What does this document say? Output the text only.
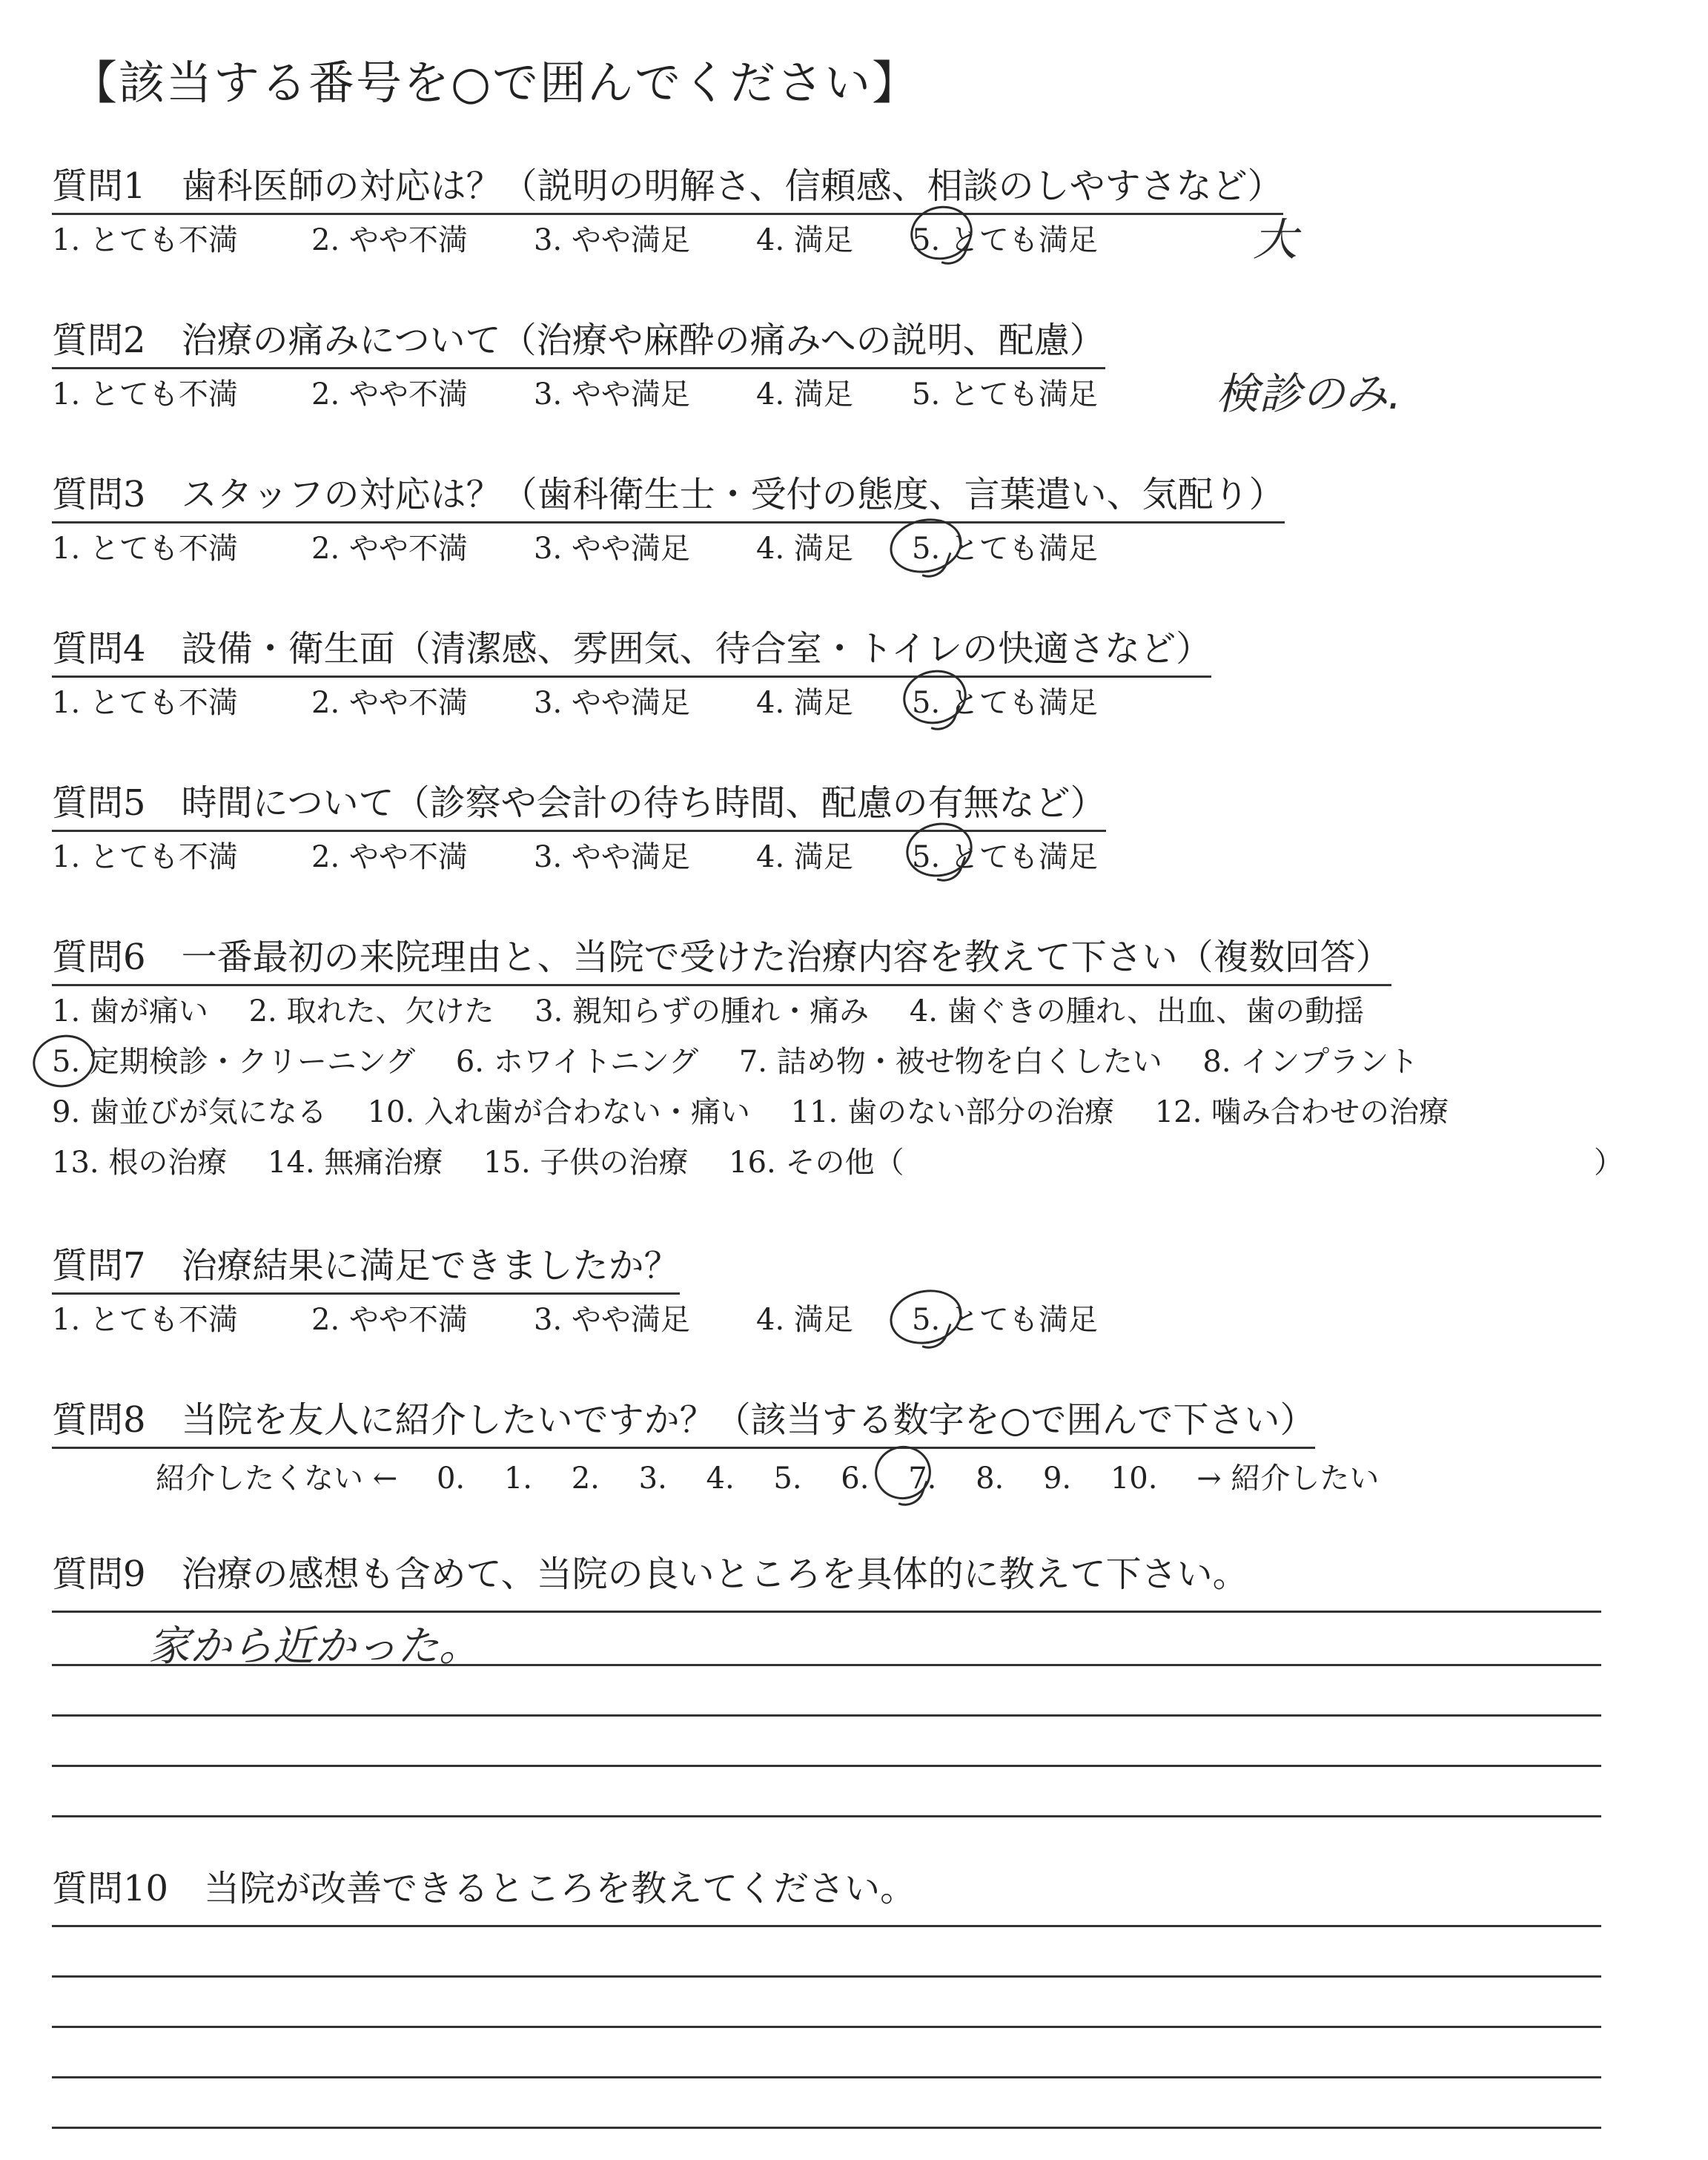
【該当する番号を○で囲んでください】
質問1　 歯科医師の対応は？（説明の明解さ、信頼感、相談のしやすさなど）
1. とても不満 2. やや不満 3. やや満足 4. 満足 5. とても満足	大
質問2　 治療の痛みについて（治療や麻酔の痛みへの説明、配慮）
1. とても不満 2. やや不満 3. やや満足 4. 満足 5. とても満足	検診のみ.
質問3　 スタッフの対応は？（歯科衛生士・受付の態度、言葉遣い、気配り）
1. とても不満 2. やや不満 3. やや満足 4. 満足 5. とても満足
質問4　 設備・衛生面（清潔感、雰囲気、待合室・トイレの快適さなど）
1. とても不満 2. やや不満 3. やや満足 4. 満足 5. とても満足
質問5　 時間について（診察や会計の待ち時間、配慮の有無など）
1. とても不満 2. やや不満 3. やや満足 4. 満足 5. とても満足
質問6　 一番最初の来院理由と、当院で受けた治療内容を教えて下さい（複数回答）
1. 歯が痛い 2. 取れた、欠けた 3. 親知らずの腫れ・痛み 4. 歯ぐきの腫れ、出血、歯の動揺
5. 定期検診・クリーニング 6. ホワイトニング 7. 詰め物・被せ物を白くしたい 8. インプラント
9. 歯並びが気になる 10. 入れ歯が合わない・痛い 11. 歯のない部分の治療 12. 噛み合わせの治療
13. 根の治療 14. 無痛治療 15. 子供の治療 16. その他（	）
質問7　 治療結果に満足できましたか？
1. とても不満 2. やや不満 3. やや満足 4. 満足 5. とても満足
質問8　 当院を友人に紹介したいですか？（該当する数字を○で囲んで下さい）
紹介したくない ← 0. 1. 2. 3. 4. 5. 6. 7. 8. 9. 10. → 紹介したい
質問9　 治療の感想も含めて、当院の良いところを具体的に教えて下さい。
家から近かった。
質問10　 当院が改善できるところを教えてください。
